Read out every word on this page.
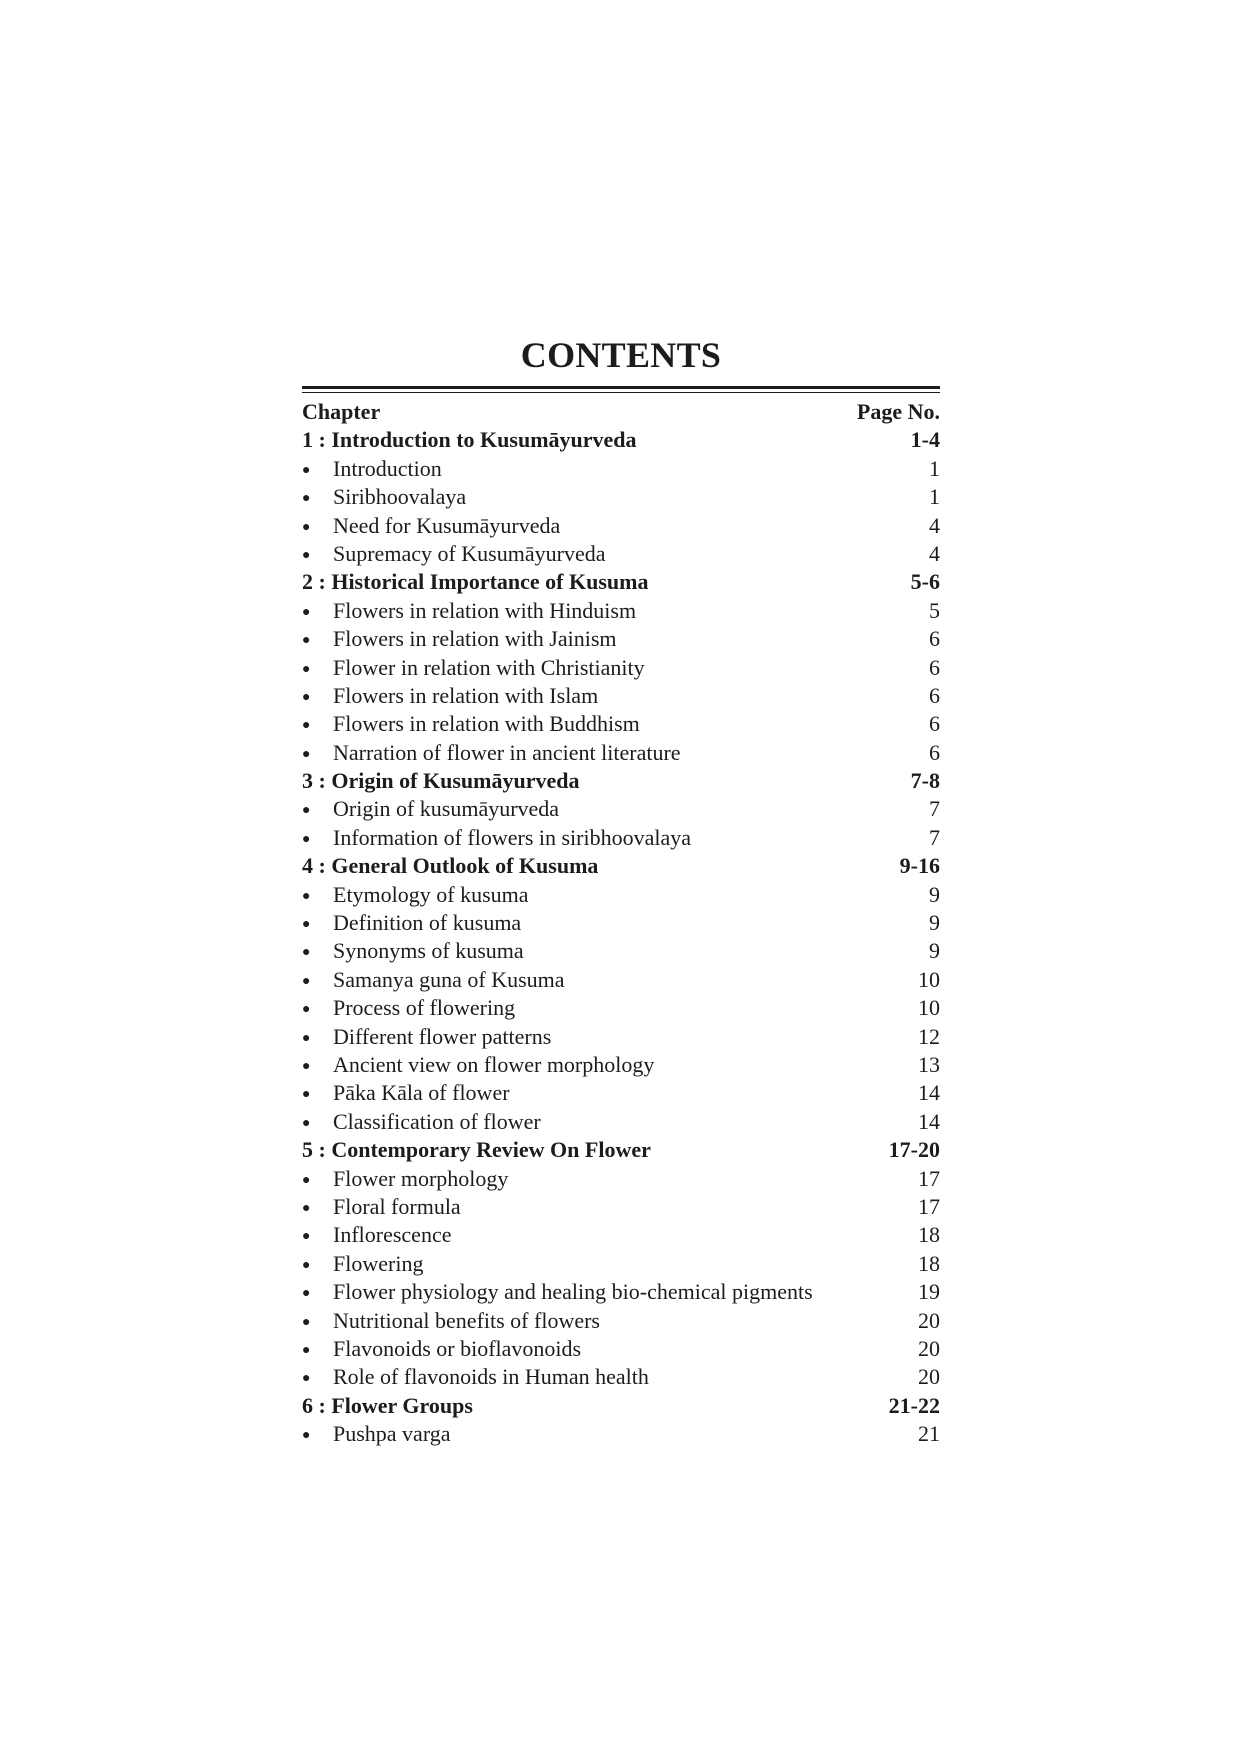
CONTENTS
Chapter	Page No.
1 : Introduction to Kusumāyurveda	1-4
●	Introduction	1
●	Siribhoovalaya	1
●	Need for Kusumāyurveda	4
●	Supremacy of Kusumāyurveda	4
2 : Historical Importance of Kusuma	5-6
●	Flowers in relation with Hinduism	5
●	Flowers in relation with Jainism	6
●	Flower in relation with Christianity	6
●	Flowers in relation with Islam	6
●	Flowers in relation with Buddhism	6
●	Narration of flower in ancient literature	6
3 : Origin of Kusumāyurveda	7-8
●	Origin of kusumāyurveda	7
●	Information of flowers in siribhoovalaya	7
4 : General Outlook of Kusuma	9-16
●	Etymology of kusuma	9
●	Definition of kusuma	9
●	Synonyms of kusuma	9
●	Samanya guna of Kusuma	10
●	Process of flowering	10
●	Different flower patterns	12
●	Ancient view on flower morphology	13
●	Pāka Kāla of flower	14
●	Classification of flower	14
5 : Contemporary Review On Flower	17-20
●	Flower morphology	17
●	Floral formula	17
●	Inflorescence	18
●	Flowering	18
●	Flower physiology and healing bio-chemical pigments	19
●	Nutritional benefits of flowers	20
●	Flavonoids or bioflavonoids	20
●	Role of flavonoids in Human health	20
6 : Flower Groups	21-22
●	Pushpa varga	21
